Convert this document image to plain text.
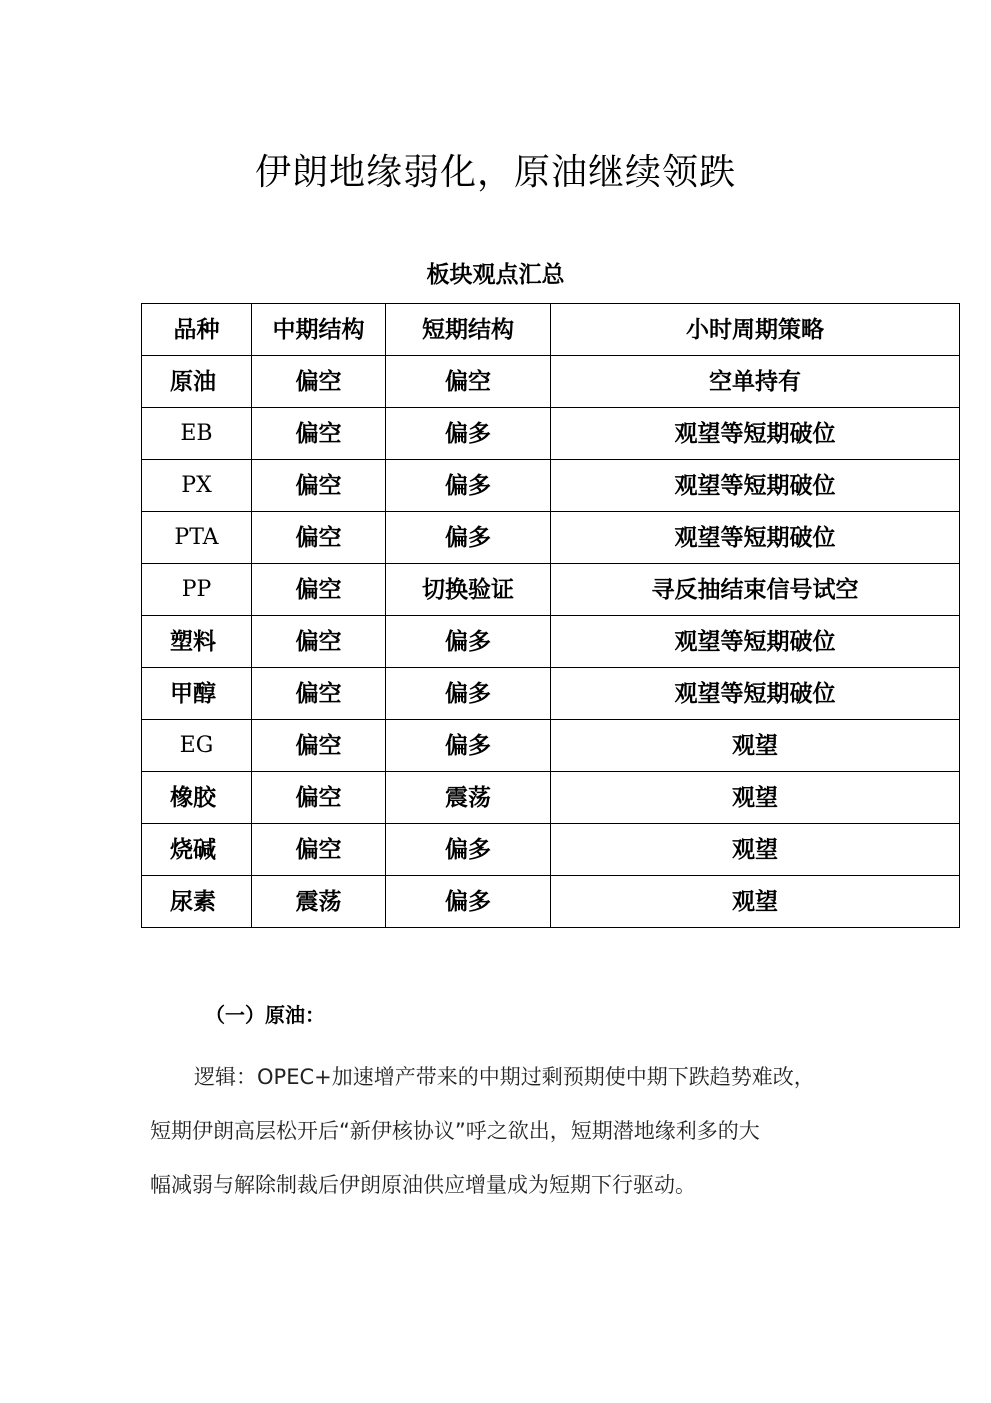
伊朗地缘弱化，原油继续领跌
板块观点汇总
品种	中期结构	短期结构	小时周期策略
原油	偏空	偏空	空单持有
EB	偏空	偏多	观望等短期破位
PX	偏空	偏多	观望等短期破位
PTA	偏空	偏多	观望等短期破位
PP	偏空	切换验证	寻反抽结束信号试空
塑料	偏空	偏多	观望等短期破位
甲醇	偏空	偏多	观望等短期破位
EG	偏空	偏多	观望
橡胶	偏空	震荡	观望
烧碱	偏空	偏多	观望
尿素	震荡	偏多	观望
（一）原油：

逻辑：OPEC+加速增产带来的中期过剩预期使中期下跌趋势难改，
短期伊朗高层松开后“新伊核协议”呼之欲出，短期潜地缘利多的大
幅减弱与解除制裁后伊朗原油供应增量成为短期下行驱动。
